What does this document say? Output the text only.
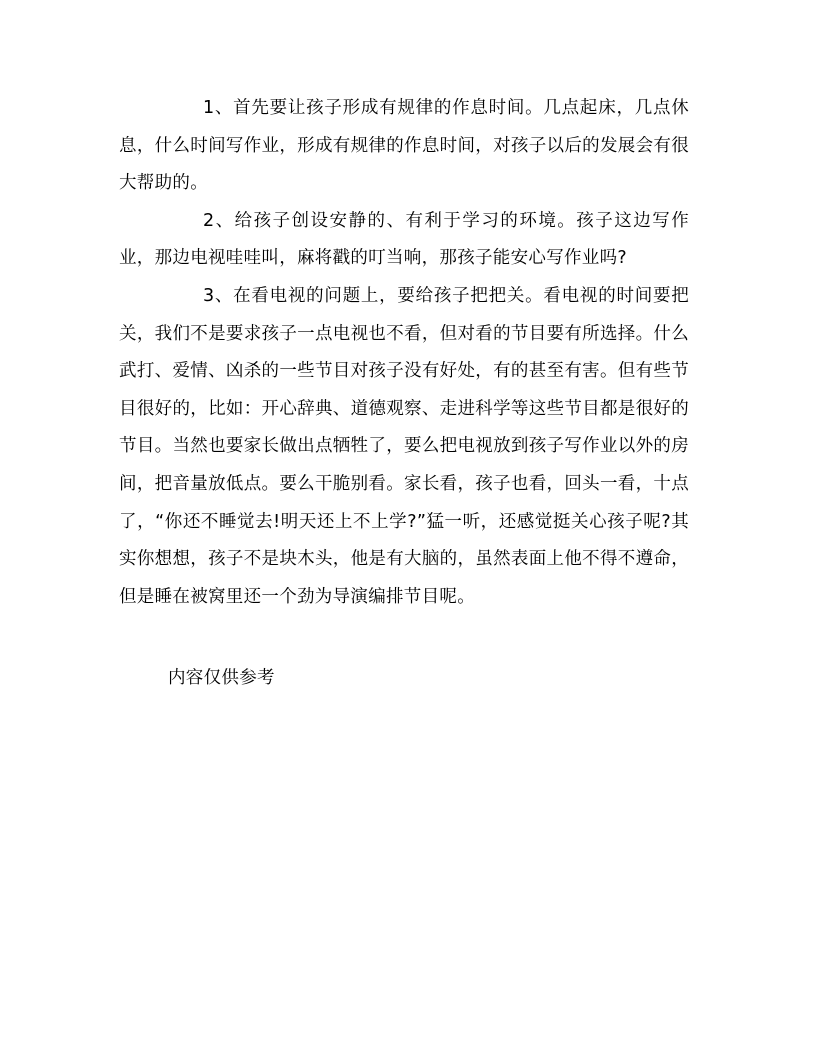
1、首先要让孩子形成有规律的作息时间。几点起床，几点休息，什么时间写作业，形成有规律的作息时间，对孩子以后的发展会有很大帮助的。

2、给孩子创设安静的、有利于学习的环境。孩子这边写作业，那边电视哇哇叫，麻将戳的叮当响，那孩子能安心写作业吗?

3、在看电视的问题上，要给孩子把把关。看电视的时间要把关，我们不是要求孩子一点电视也不看，但对看的节目要有所选择。什么武打、爱情、凶杀的一些节目对孩子没有好处，有的甚至有害。但有些节目很好的，比如：开心辞典、道德观察、走进科学等这些节目都是很好的节目。当然也要家长做出点牺牲了，要么把电视放到孩子写作业以外的房间，把音量放低点。要么干脆别看。家长看，孩子也看，回头一看，十点了，“你还不睡觉去!明天还上不上学?”猛一听，还感觉挺关心孩子呢?其实你想想，孩子不是块木头，他是有大脑的，虽然表面上他不得不遵命，但是睡在被窝里还一个劲为导演编排节目呢。

内容仅供参考
